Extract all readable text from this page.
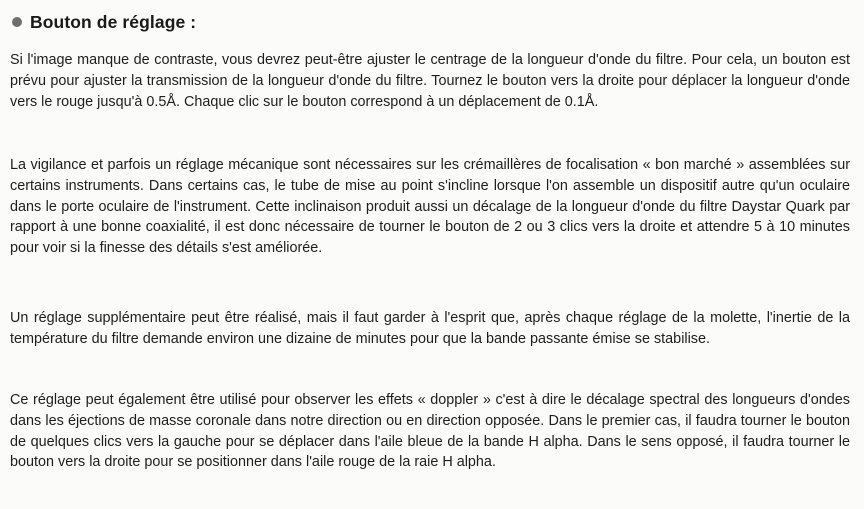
Bouton de réglage :

Si l'image manque de contraste, vous devrez peut-être ajuster le centrage de la longueur d'onde du filtre. Pour cela, un bouton est prévu pour ajuster la transmission de la longueur d'onde du filtre. Tournez le bouton vers la droite pour déplacer la longueur d'onde vers le rouge jusqu'à 0.5Å. Chaque clic sur le bouton correspond à un déplacement de 0.1Å.

La vigilance et parfois un réglage mécanique sont nécessaires sur les crémaillères de focalisation « bon marché » assemblées sur certains instruments. Dans certains cas, le tube de mise au point s'incline lorsque l'on assemble un dispositif autre qu'un oculaire dans le porte oculaire de l'instrument. Cette inclinaison produit aussi un décalage de la longueur d'onde du filtre Daystar Quark par rapport à une bonne coaxialité, il est donc nécessaire de tourner le bouton de 2 ou 3 clics vers la droite et attendre 5 à 10 minutes pour voir si la finesse des détails s'est améliorée.

Un réglage supplémentaire peut être réalisé, mais il faut garder à l'esprit que, après chaque réglage de la molette, l'inertie de la température du filtre demande environ une dizaine de minutes pour que la bande passante émise se stabilise.

Ce réglage peut également être utilisé pour observer les effets « doppler » c'est à dire le décalage spectral des longueurs d'ondes dans les éjections de masse coronale dans notre direction ou en direction opposée. Dans le premier cas, il faudra tourner le bouton de quelques clics vers la gauche pour se déplacer dans l'aile bleue de la bande H alpha. Dans le sens opposé, il faudra tourner le bouton vers la droite pour se positionner dans l'aile rouge de la raie H alpha.
